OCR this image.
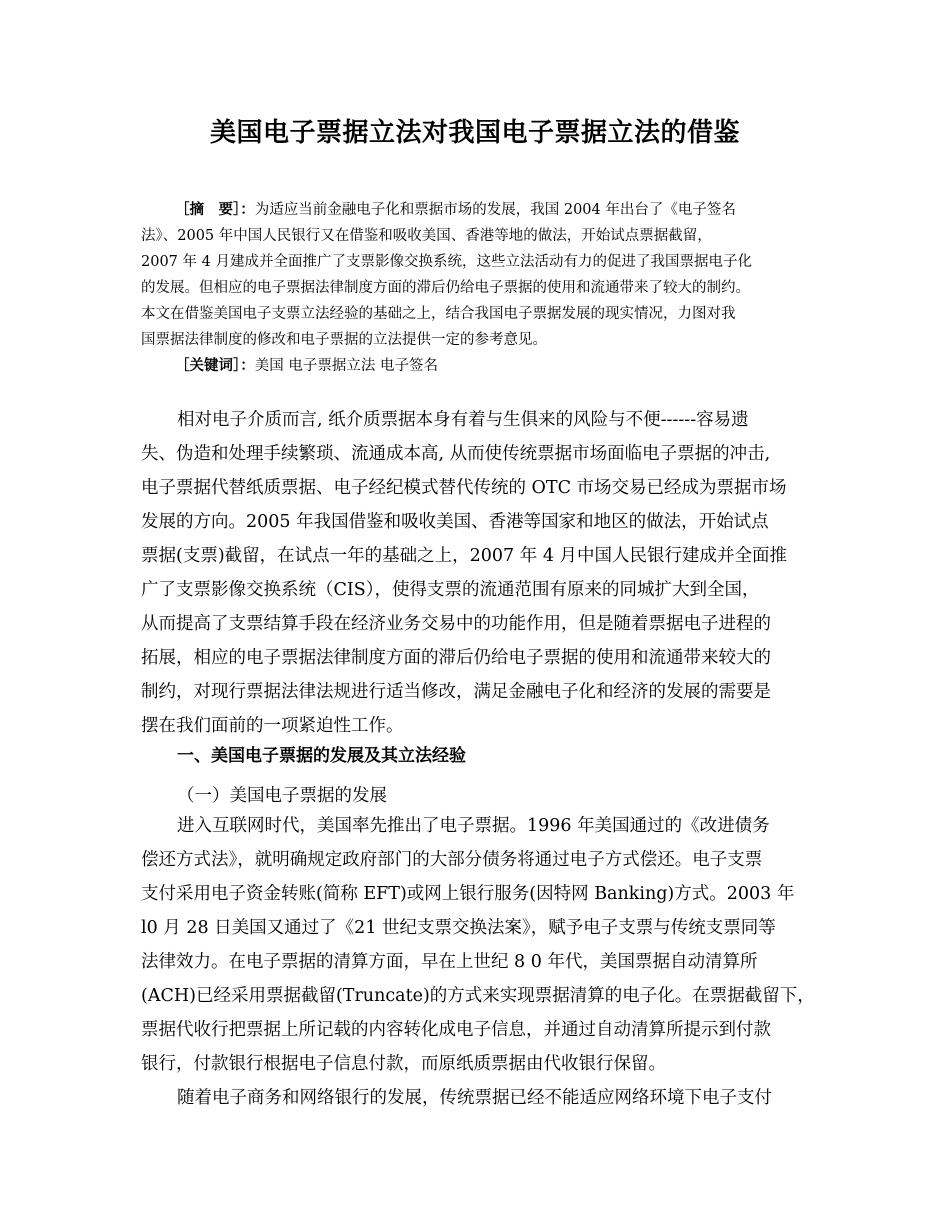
美国电子票据立法对我国电子票据立法的借鉴
［摘　要］：为适应当前金融电子化和票据市场的发展，我国 2004 年出台了《电子签名
法》、2005 年中国人民银行又在借鉴和吸收美国、香港等地的做法，开始试点票据截留，
2007 年 4 月建成并全面推广了支票影像交换系统，这些立法活动有力的促进了我国票据电子化
的发展。但相应的电子票据法律制度方面的滞后仍给电子票据的使用和流通带来了较大的制约。
本文在借鉴美国电子支票立法经验的基础之上，结合我国电子票据发展的现实情况，力图对我
国票据法律制度的修改和电子票据的立法提供一定的参考意见。
［关键词］：美国 电子票据立法 电子签名
相对电子介质而言, 纸介质票据本身有着与生俱来的风险与不便------容易遗
失、伪造和处理手续繁琐、流通成本高, 从而使传统票据市场面临电子票据的冲击,
电子票据代替纸质票据、电子经纪模式替代传统的 OTC 市场交易已经成为票据市场
发展的方向。2005 年我国借鉴和吸收美国、香港等国家和地区的做法，开始试点
票据(支票)截留，在试点一年的基础之上，2007 年 4 月中国人民银行建成并全面推
广了支票影像交换系统（CIS），使得支票的流通范围有原来的同城扩大到全国，
从而提高了支票结算手段在经济业务交易中的功能作用，但是随着票据电子进程的
拓展，相应的电子票据法律制度方面的滞后仍给电子票据的使用和流通带来较大的
制约，对现行票据法律法规进行适当修改，满足金融电子化和经济的发展的需要是
摆在我们面前的一项紧迫性工作。
一、美国电子票据的发展及其立法经验
（一）美国电子票据的发展
进入互联网时代，美国率先推出了电子票据。1996 年美国通过的《改进债务
偿还方式法》，就明确规定政府部门的大部分债务将通过电子方式偿还。电子支票
支付采用电子资金转账(简称 EFT)或网上银行服务(因特网 Banking)方式。2003 年
l0 月 28 日美国又通过了《21 世纪支票交换法案》，赋予电子支票与传统支票同等
法律效力。在电子票据的清算方面，早在上世纪 8 0 年代，美国票据自动清算所
(ACH)已经采用票据截留(Truncate)的方式来实现票据清算的电子化。在票据截留下，
票据代收行把票据上所记载的内容转化成电子信息，并通过自动清算所提示到付款
银行，付款银行根据电子信息付款，而原纸质票据由代收银行保留。
随着电子商务和网络银行的发展，传统票据已经不能适应网络环境下电子支付
